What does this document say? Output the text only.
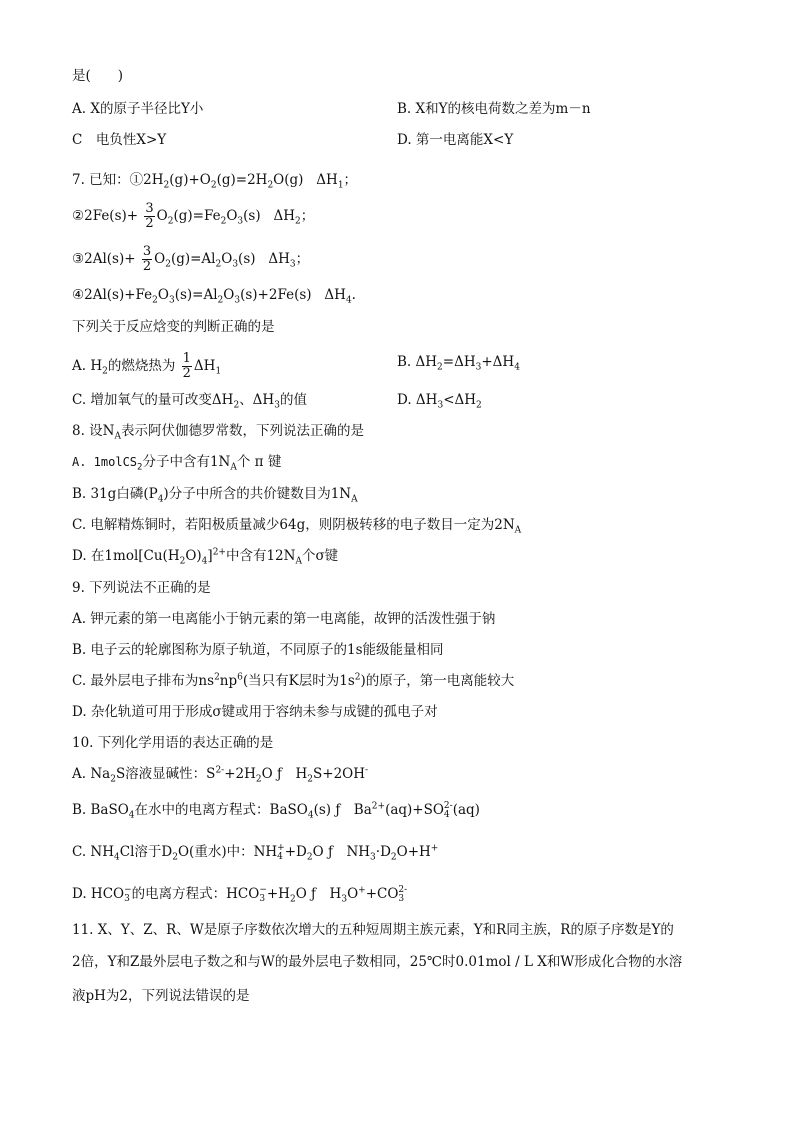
是(　　)
A. X的原子半径比Y小	B. X和Y的核电荷数之差为m－n
C　电负性X>Y	D. 第一电离能X<Y
7. 已知：$①2H_2(g)+O_2(g)=2H_2O(g)$   $\Delta H_1$；
②2Fe(s)+ $\frac{3}{2} O_2(g)=Fe_2O_3(s)$   $\Delta H_2$；
③2Al(s)+ $\frac{3}{2} O_2(g)=Al_2O_3(s)$   $\Delta H_3$；
$④2Al(s)+Fe_2O_3(s)=Al_2O_3(s)+2Fe(s)$   $\Delta H_4$.
下列关于反应焓变的判断正确的是
A. $H_2$的燃烧热为 $\frac{1}{2} \Delta H_1$
B. $\Delta H_2=\Delta H_3+\Delta H_4$
C. 增加氧气的量可改变$\Delta H_2$、$\Delta H_3$的值	D. $\Delta H_3<\Delta H_2$
8. 设$N_A$表示阿伏伽德罗常数，下列说法正确的是
A. 1molCS$_2$分子中含有$1N_A$个 π 键
B. 31g白磷$(P_4)$分子中所含的共价键数目为$1N_A$
C. 电解精炼铜时，若阳极质量减少64g，则阴极转移的电子数目一定为$2N_A$
D. 在$1mol[Cu(H_2O)_4]^{2+}$中含有$12N_A$个σ键
9. 下列说法不正确的是
A. 钾元素的第一电离能小于钠元素的第一电离能，故钾的活泼性强于钠
B. 电子云的轮廓图称为原子轨道，不同原子的1s能级能量相同
C. 最外层电子排布为$ns^2np^6$(当只有K层时为$1s^2$)的原子，第一电离能较大
D. 杂化轨道可用于形成σ键或用于容纳未参与成键的孤电子对
10. 下列化学用语的表达正确的是
A. $Na_2S$溶液显碱性：$S^{2-}+2H_2O$ ƒ　$H_2S+2OH^-$
B. BaSO$_4$在水中的电离方程式：BaSO$_4$(s) ƒ　$Ba^{2+}(aq)+SO$ 2-
4 (aq)
C. $NH_4Cl$溶于$D_2O$(重水)中：NH +
$4 +D_2O$ ƒ　$NH_3\cdot D_2O+H^+$
D. HCO −
3 的电离方程式：HCO −
$3 +H_2O$ ƒ　$H_3O^++CO$ 2-
3
11. X、Y、Z、R、W是原子序数依次增大的五种短周期主族元素，Y和R同主族，R的原子序数是Y的
2倍，Y和Z最外层电子数之和与W的最外层电子数相同，25℃时0.01mol / L X和W形成化合物的水溶
液pH为2，下列说法错误的是
